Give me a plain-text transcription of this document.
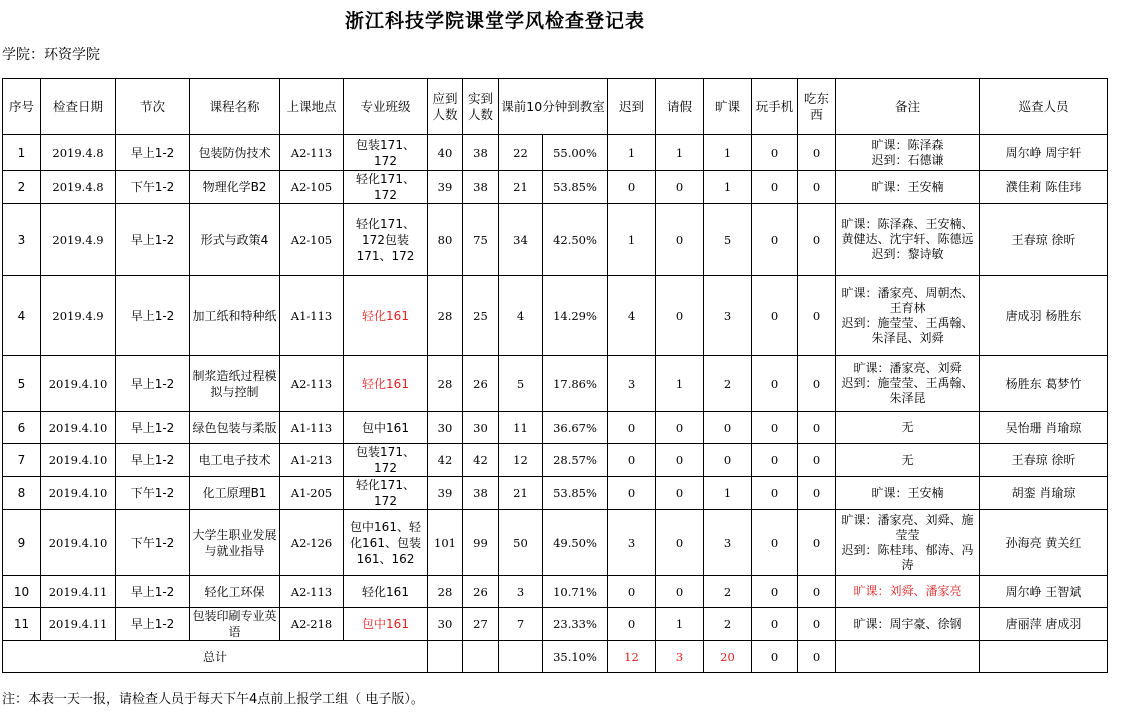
浙江科技学院课堂学风检查登记表
学院：环资学院
序号	检查日期	节次	课程名称	上课地点	专业班级	应到人数	实到人数	课前10分钟到教室		迟到	请假	旷课	玩手机	吃东西	备注	巡查人员
1	2019.4.8	早上1-2	包装防伪技术	A2-113	包装171、172	40	38	22	55.00%	1	1	1	0	0	旷课：陈泽森
迟到：石德谦	周尔峥 周宇轩
2	2019.4.8	下午1-2	物理化学B2	A2-105	轻化171、172	39	38	21	53.85%	0	0	1	0	0	旷课：王安楠	濮佳莉 陈佳玮
3	2019.4.9	早上1-2	形式与政策4	A2-105	轻化171、172包装171、172	80	75	34	42.50%	1	0	5	0	0	旷课：陈泽森、王安楠、黄健达、沈宇轩、陈德远
迟到：黎诗敏	王春琼 徐昕
4	2019.4.9	早上1-2	加工纸和特种纸	A1-113	轻化161	28	25	4	14.29%	4	0	3	0	0	旷课：潘家亮、周朝杰、王育林
迟到：施莹莹、王禹翰、朱泽昆、刘舜	唐成羽 杨胜东
5	2019.4.10	早上1-2	制浆造纸过程模拟与控制	A2-113	轻化161	28	26	5	17.86%	3	1	2	0	0	旷课：潘家亮、刘舜
迟到：施莹莹、王禹翰、朱泽昆	杨胜东 葛梦竹
6	2019.4.10	早上1-2	绿色包装与柔版	A1-113	包中161	30	30	11	36.67%	0	0	0	0	0	无	吴怡珊 肖瑜琼
7	2019.4.10	早上1-2	电工电子技术	A1-213	包装171、172	42	42	12	28.57%	0	0	0	0	0	无	王春琼 徐昕
8	2019.4.10	下午1-2	化工原理B1	A1-205	轻化171、172	39	38	21	53.85%	0	0	1	0	0	旷课：王安楠	胡銮 肖瑜琼
9	2019.4.10	下午1-2	大学生职业发展与就业指导	A2-126	包中161、轻化161、包装161、162	101	99	50	49.50%	3	0	3	0	0	旷课：潘家亮、刘舜、施莹莹
迟到：陈桂玮、郁涛、冯涛	孙海亮 黄关红
10	2019.4.11	早上1-2	轻化工环保	A2-113	轻化161	28	26	3	10.71%	0	0	2	0	0	旷课：刘舜、潘家亮	周尔峥 王智斌
11	2019.4.11	早上1-2	包装印刷专业英语	A2-218	包中161	30	27	7	23.33%	0	1	2	0	0	旷课：周宇豪、徐钢	唐丽萍 唐成羽
总计									35.10%	12	3	20	0	0		
注：本表一天一报，请检查人员于每天下午4点前上报学工组（ 电子版）。
